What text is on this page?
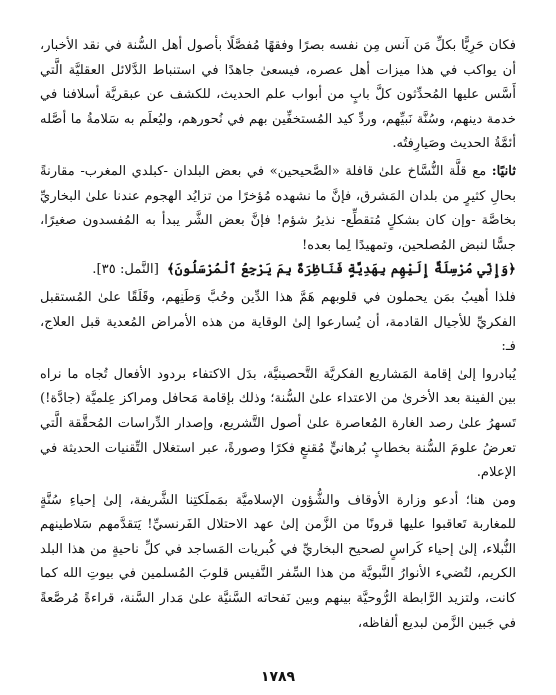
فكان حَرِيًّا بكلِّ مَن آنس مِن نفسه بصرًا وفقهًا مُفصَّلًا بأصول أهل السُّنة في نقد الأخبار، أن يواكب في هذا ميزات أهل عصره، فيسعىٰ جاهدًا في استنباط الدَّلائل العقليَّة الَّتي أَسَّس عليها المُحدِّثون كلَّ بابٍ من أبواب علم الحديث، للكشف عن عبقريَّة أسلافنا في خدمة دينهم، وسُنَّة نَبيِّهم، وردِّ كيد المُستخفِّين بهم في نُحورهم، وليُعلَم به سَلامةُ ما أصَّله أئمَّةُ الحديث وصَيارِفتُه.

ثانيًا: مع قلَّة النُّسَّاخ علىٰ قافلة «الصَّحيحين» في بعض البلدان -كبلدي المغرب- مقارنةً بحالِ كثيرٍ من بلدان المَشرق، فإنَّ ما نشهده مُؤخرًا من تزايُد الهجوم عندنا علىٰ البخاريِّ بخاصَّة -وإن كان بشكلٍ مُتقطِّع- نذيرُ شؤم! فإنَّ بعض الشَّر يبدأ به المُفسدون صغيرًا، جسًّا لنبض المُصلحين، وتمهيدًا لِما بعده!

﴿وَإِنِّي مُرْسِلَةٌ إِلَيْهِم بِهَدِيَّةٍ فَنَاظِرَةٌ بِمَ يَرْجِعُ ٱلْمُرْسَلُونَ﴾ [النَّمل: ٣٥].

فلذا أهيبُ بمَن يحملون في قلوبهم هَمَّ هذا الدِّين وحُبَّ وَطَنِهم، وقَلَقًا علىٰ المُستقبل الفكريِّ للأجيال القادمة، أن يُسارعوا إلىٰ الوقاية من هذه الأمراض المُعدية قبل العلاج، فـ:

يُبادروا إلىٰ إقامة المَشاريع الفكريَّة التَّحصينيَّة، بدَل الاكتفاء بردود الأفعال تُجاه ما نراه بين الفينة بعد الأخرىٰ من الاعتداء علىٰ السُّنة؛ وذلك بإقامة مَحافل ومراكز عِلميَّة (جادَّة!) تَسهرُ علىٰ رصد الغارة المُعاصرة علىٰ أصول التَّشريع، وإصدار الدِّراسات المُحقَّقة الَّتي تعرضُ علومَ السُّنة بخطابٍ بُرهانيٍّ مُقنعٍ فكرًا وصورةً، عبر استغلال التِّقنيات الحديثة في الإعلام.

ومن هنا؛ أدعو وزارة الأوقاف والشُّؤون الإسلاميَّة بمَملَكتِنا الشَّريفة، إلىٰ إحياءِ سُنَّةٍ للمغاربة تَعاقبوا عليها قرونًا من الزَّمن إلىٰ عهد الاحتلال الفَرنسيِّ! يَتقدَّمهم سَلاطينهم النُّبلاء، إلىٰ إحياء كَراسٍ لصحيح البخاريِّ في كُبريات المَساجد في كلِّ ناحيةٍ من هذا البلد الكريم، لتُضيء الأنوارُ النَّبويَّة من هذا السِّفر النَّفيس قلوبَ المُسلمين في بيوتِ الله كما كانت، ولتزيد الرَّابطة الرُّوحيَّة بينهم وبين نَفحاته السَّنيَّة علىٰ مَدار السَّنة، قراءةً مُرصَّعةً في جَبين الزَّمن لبديع ألفاظه،

١٧٨٩
